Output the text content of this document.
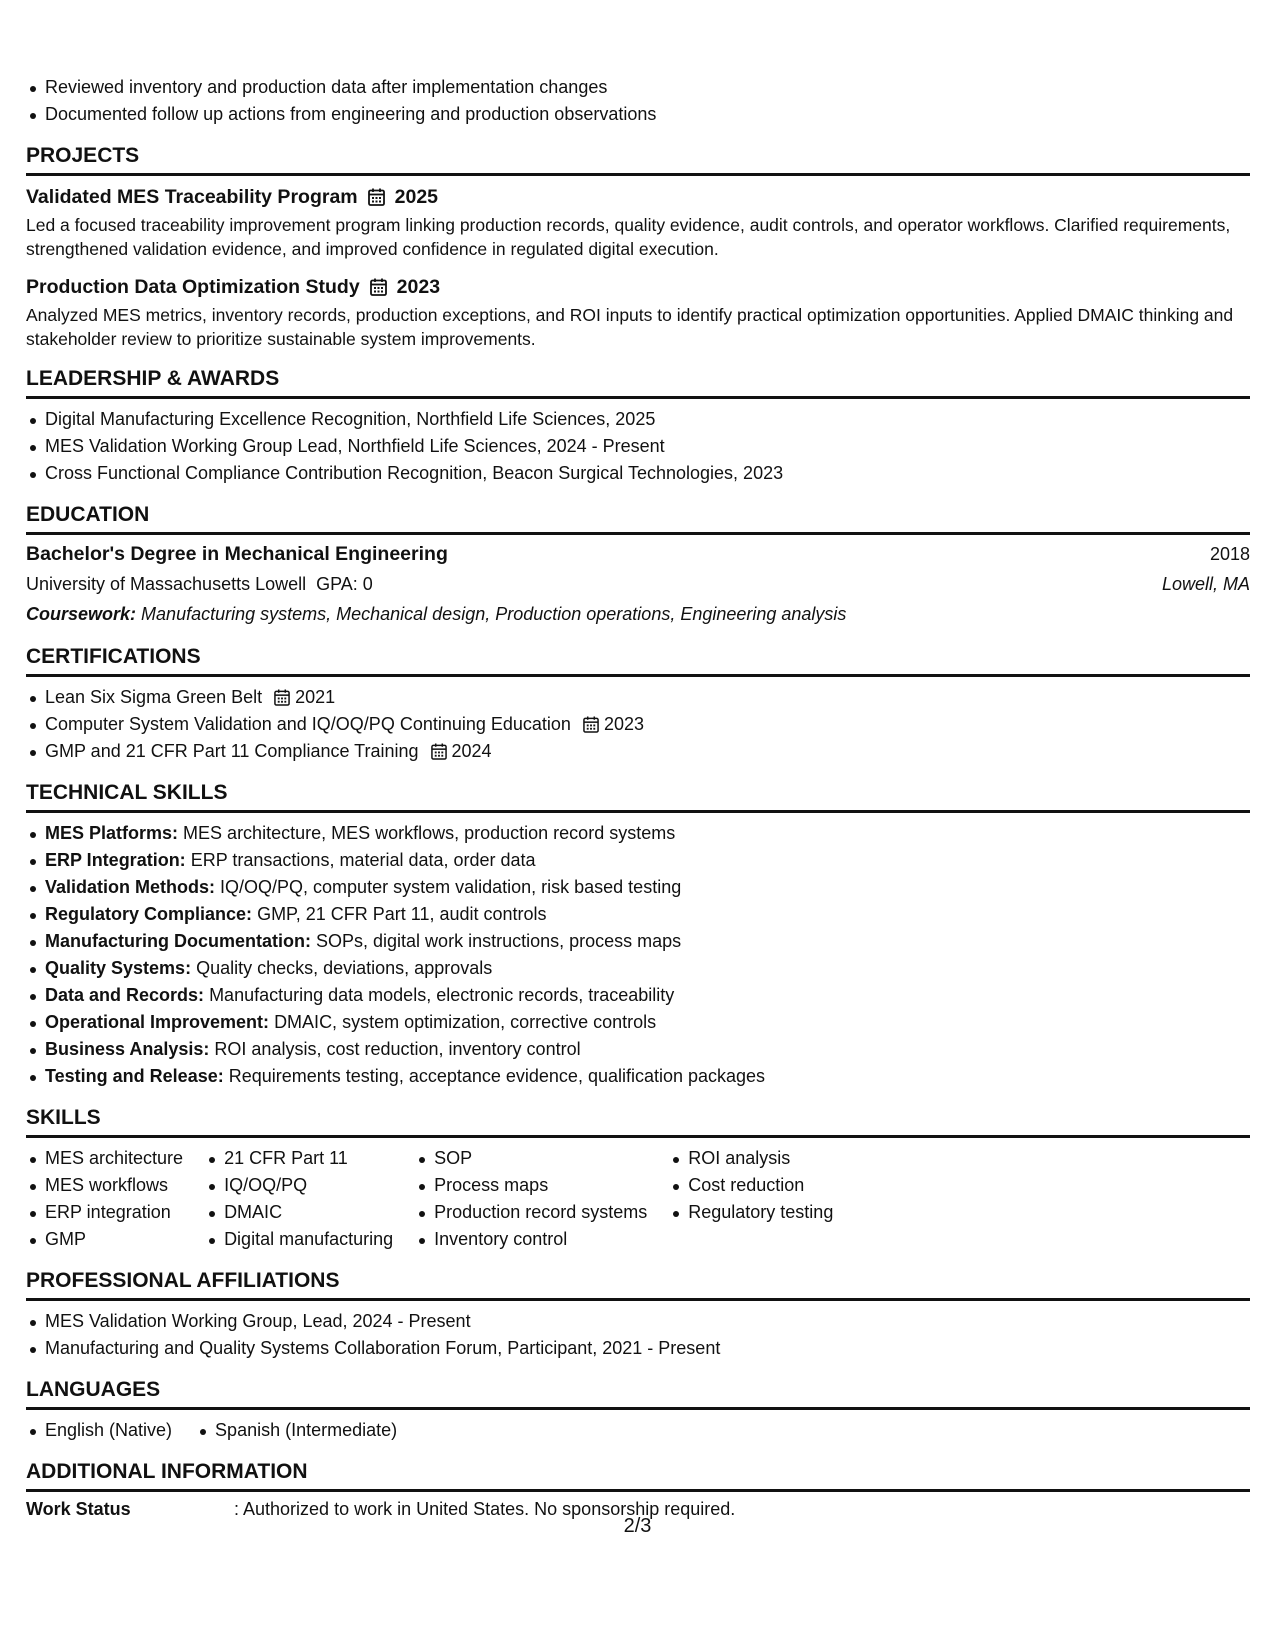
Reviewed inventory and production data after implementation changes
Documented follow up actions from engineering and production observations
PROJECTS
Validated MES Traceability Program 2025
Led a focused traceability improvement program linking production records, quality evidence, audit controls, and operator workflows. Clarified requirements, strengthened validation evidence, and improved confidence in regulated digital execution.
Production Data Optimization Study 2023
Analyzed MES metrics, inventory records, production exceptions, and ROI inputs to identify practical optimization opportunities. Applied DMAIC thinking and stakeholder review to prioritize sustainable system improvements.
LEADERSHIP & AWARDS
Digital Manufacturing Excellence Recognition, Northfield Life Sciences, 2025
MES Validation Working Group Lead, Northfield Life Sciences, 2024 - Present
Cross Functional Compliance Contribution Recognition, Beacon Surgical Technologies, 2023
EDUCATION
Bachelor's Degree in Mechanical Engineering	2018
University of Massachusetts Lowell GPA: 0	Lowell, MA
Coursework: Manufacturing systems, Mechanical design, Production operations, Engineering analysis
CERTIFICATIONS
Lean Six Sigma Green Belt 2021
Computer System Validation and IQ/OQ/PQ Continuing Education 2023
GMP and 21 CFR Part 11 Compliance Training 2024
TECHNICAL SKILLS
MES Platforms: MES architecture, MES workflows, production record systems
ERP Integration: ERP transactions, material data, order data
Validation Methods: IQ/OQ/PQ, computer system validation, risk based testing
Regulatory Compliance: GMP, 21 CFR Part 11, audit controls
Manufacturing Documentation: SOPs, digital work instructions, process maps
Quality Systems: Quality checks, deviations, approvals
Data and Records: Manufacturing data models, electronic records, traceability
Operational Improvement: DMAIC, system optimization, corrective controls
Business Analysis: ROI analysis, cost reduction, inventory control
Testing and Release: Requirements testing, acceptance evidence, qualification packages
SKILLS
MES architecture
MES workflows
ERP integration
GMP
21 CFR Part 11
IQ/OQ/PQ
DMAIC
Digital manufacturing
SOP
Process maps
Production record systems
Inventory control
ROI analysis
Cost reduction
Regulatory testing
PROFESSIONAL AFFILIATIONS
MES Validation Working Group, Lead, 2024 - Present
Manufacturing and Quality Systems Collaboration Forum, Participant, 2021 - Present
LANGUAGES
English (Native)	Spanish (Intermediate)
ADDITIONAL INFORMATION
Work Status	: Authorized to work in United States. No sponsorship required.
2/3
